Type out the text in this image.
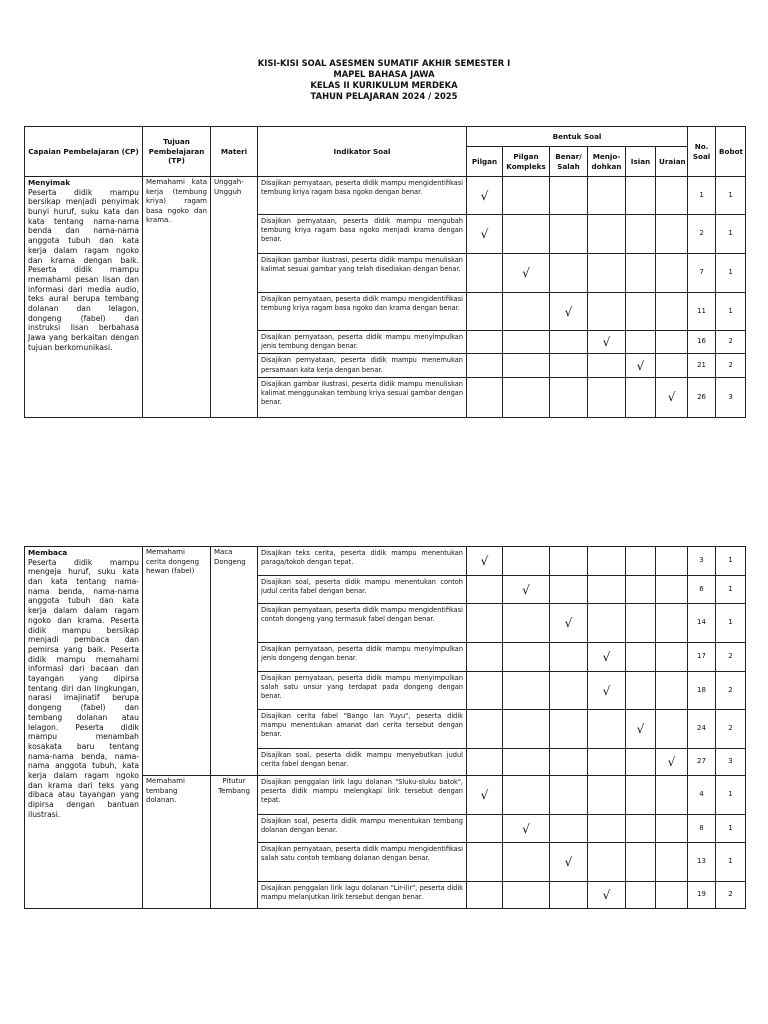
KISI-KISI SOAL ASESMEN SUMATIF AKHIR SEMESTER I
MAPEL BAHASA JAWA
KELAS II KURIKULUM MERDEKA
TAHUN PELAJARAN 2024 / 2025
Capaian Pembelajaran (CP)	Tujuan Pembelajaran (TP)	Materi	Indikator Soal	Bentuk Soal						No. Soal	Bobot
				Pilgan	Pilgan Kompleks	Benar/ Salah	Menjo-dohkan	Isian	Uraian		

Menyimak
Peserta didik mampu bersikap menjadi penyimak bunyi huruf, suku kata dan kata tentang nama-nama benda dan nama-nama anggota tubuh dan kata kerja dalam ragam ngoko dan krama dengan baik. Peserta didik mampu memahami pesan lisan dan informasi dari media audio, teks aural berupa tembang dolanan dan lelagon, dongeng (fabel) dan instruksi lisan berbahasa Jawa yang berkaitan dengan tujuan berkomunikasi.	Memahami kata kerja (tembung kriya) ragam basa ngoko dan krama.	Unggah-Ungguh	Disajikan pernyataan, peserta didik mampu mengidentifikasi tembung kriya ragam basa ngoko dengan benar.	√						1	1
			Disajikan pernyataan, peserta didik mampu mengubah tembung kriya ragam basa ngoko menjadi krama dengan benar.	√						2	1
			Disajikan gambar ilustrasi, peserta didik mampu menuliskan kalimat sesuai gambar yang telah disediakan dengan benar.		√					7	1
			Disajikan pernyataan, peserta didik mampu mengidentifikasi tembung kriya ragam basa ngoko dan krama dengan benar.			√				11	1
			Disajikan pernyataan, peserta didik mampu menyimpulkan jenis tembung dengan benar.				√			16	2
			Disajikan pernyataan, peserta didik mampu menemukan persamaan kata kerja dengan benar.					√		21	2
			Disajikan gambar ilustrasi, peserta didik mampu menuliskan kalimat menggunakan tembung kriya sesuai gambar dengan benar.						√	26	3
Membaca
Peserta didik mampu mengeja huruf, suku kata dan kata tentang nama-nama benda, nama-nama anggota tubuh dan kata kerja dalam dalam ragam ngoko dan krama. Peserta didik mampu bersikap menjadi pembaca dan pemirsa yang baik. Peserta didik mampu memahami informasi dari bacaan dan tayangan yang dipirsa tentang diri dan lingkungan, narasi imajinatif berupa dongeng (fabel) dan tembang dolanan atau lelagon. Peserta didik mampu menambah kosakata baru tentang nama-nama benda, nama-nama anggota tubuh, kata kerja dalam ragam ngoko dan krama dari teks yang dibaca atau tayangan yang dipirsa dengan bantuan ilustrasi.	Memahami cerita dongeng hewan (fabel)	Maca Dongeng	Disajikan teks cerita, peserta didik mampu menentukan paraga/tokoh dengan tepat.	√						3	1
			Disajikan soal, peserta didik mampu menentukan contoh judul cerita fabel dengan benar.		√					6	1
			Disajikan pernyataan, peserta didik mampu mengidentifikasi contoh dongeng yang termasuk fabel dengan benar.			√				14	1
			Disajikan pernyataan, peserta didik mampu menyimpulkan jenis dongeng dengan benar.				√			17	2
			Disajikan pernyataan, peserta didik mampu menyimpulkan salah satu unsur yang terdapat pada dongeng dengan benar.				√			18	2
			Disajikan cerita fabel "Bango lan Yuyu", peserta didik mampu menentukan amanat dari cerita tersebut dengan benar.					√		24	2
			Disajikan soal, peserta didik mampu menyebutkan judul cerita fabel dengan benar.						√	27	3
	Memahami tembang dolanan.	Pitutur Tembang	Disajikan penggalan lirik lagu dolanan "Sluku-sluku batok", peserta didik mampu melengkapi lirik tersebut dengan tepat.	√						4	1
			Disajikan soal, peserta didik mampu menentukan tembang dolanan dengan benar.		√					8	1
			Disajikan pernyataan, peserta didik mampu mengidentifikasi salah satu contoh tembang dolanan dengan benar.			√				13	1
			Disajikan penggalan lirik lagu dolanan "Lir-ilir", peserta didik mampu melanjutkan lirik tersebut dengan benar.				√			19	2
